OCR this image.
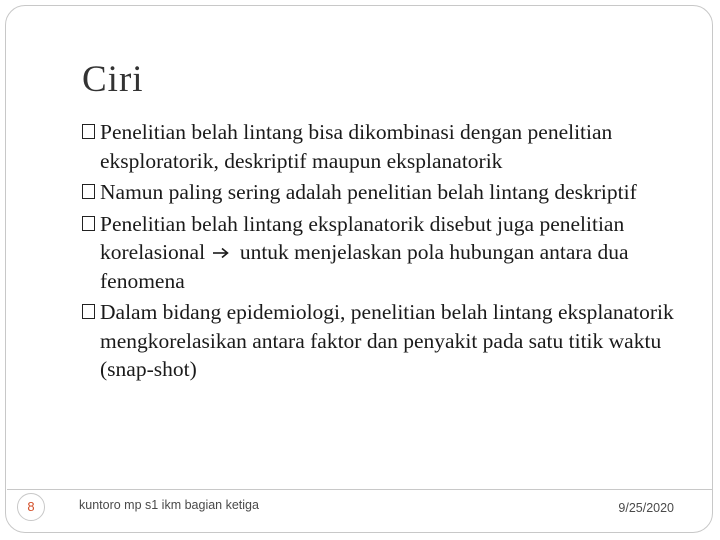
Ciri
Penelitian belah lintang bisa dikombinasi dengan penelitian eksploratorik, deskriptif maupun eksplanatorik
Namun paling sering adalah penelitian belah lintang deskriptif
Penelitian belah lintang eksplanatorik disebut juga penelitian korelasional untuk menjelaskan pola hubungan antara dua fenomena
Dalam bidang epidemiologi, penelitian belah lintang eksplanatorik mengkorelasikan antara faktor dan penyakit pada satu titik waktu (snap-shot)
8	kuntoro mp s1 ikm bagian ketiga	9/25/2020
